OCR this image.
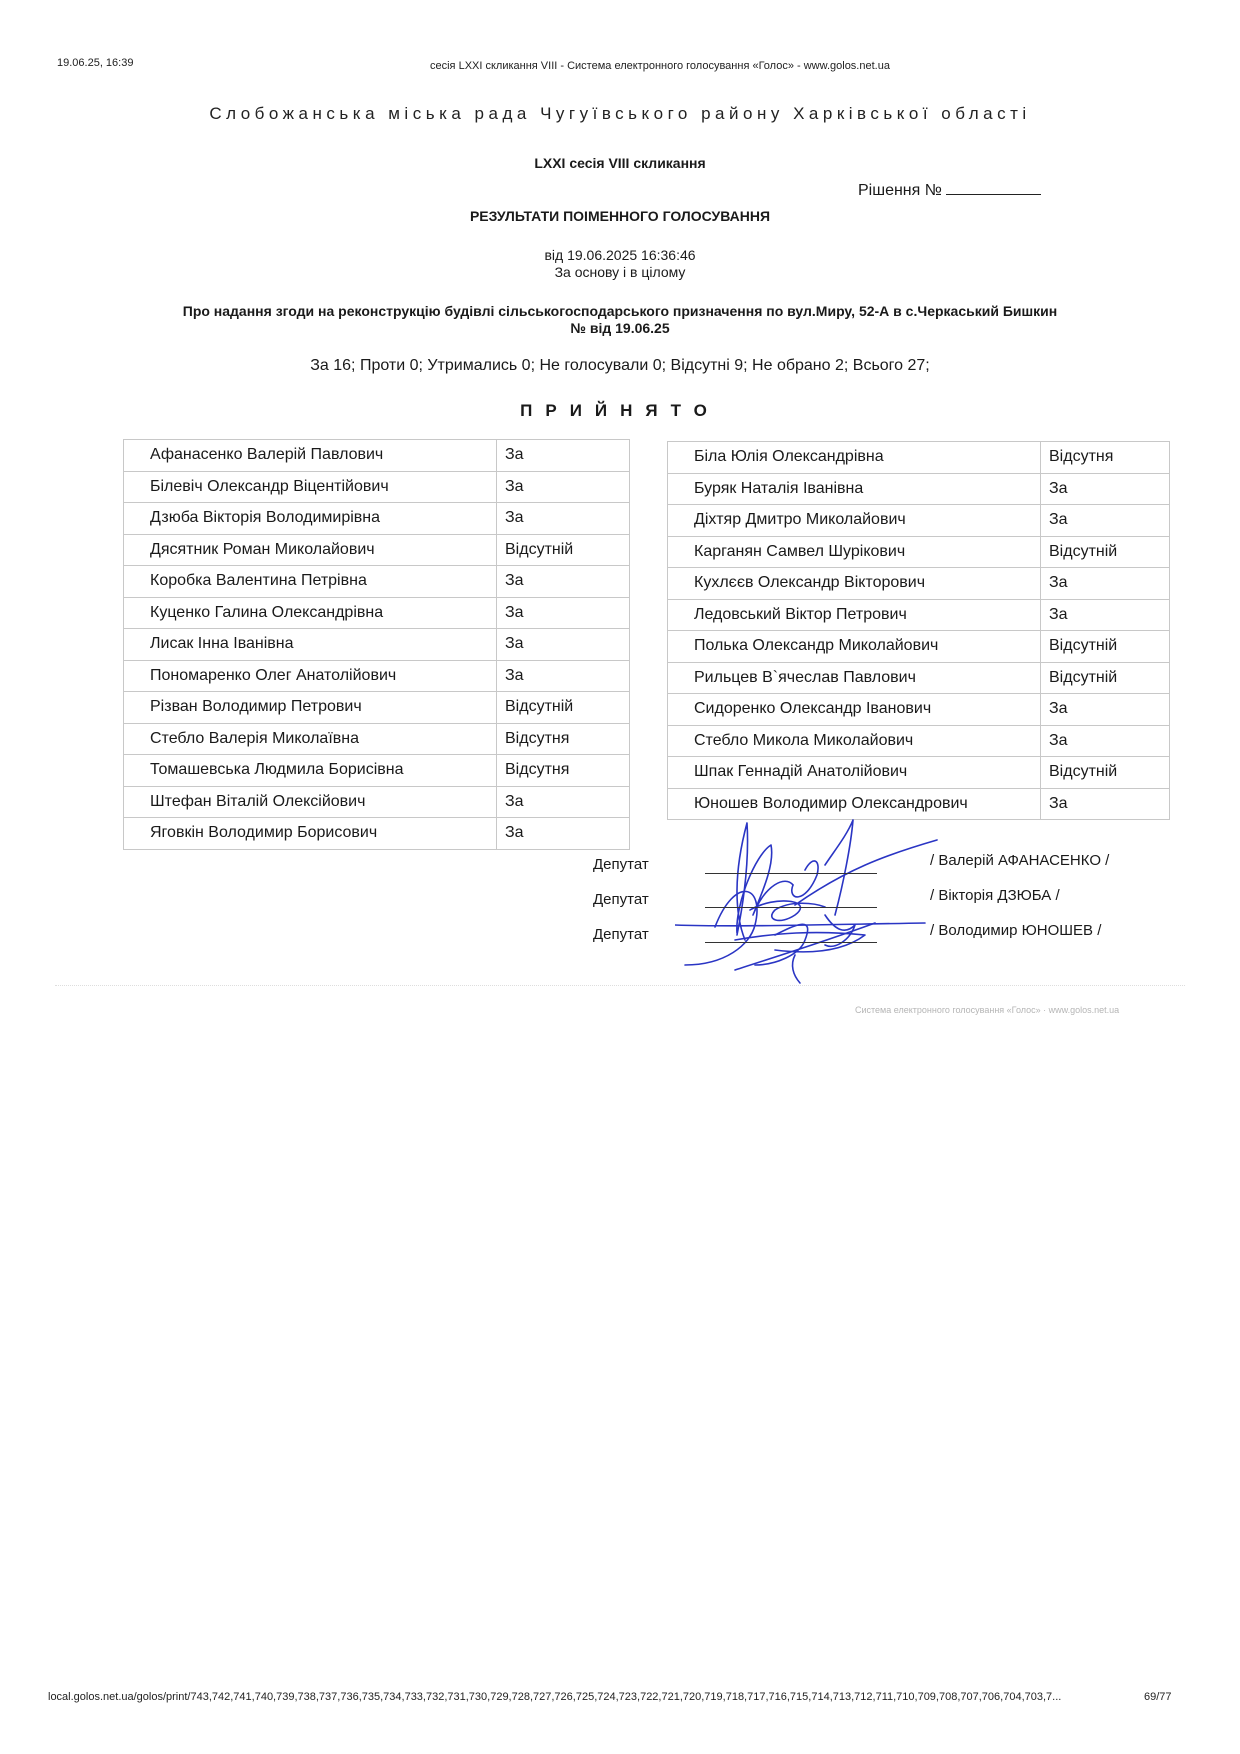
19.06.25, 16:39	сесія LXXI скликання VIII - Система електронного голосування «Голос» - www.golos.net.ua
Слобожанська міська рада Чугуївського району Харківської області
LXXI сесія VIII скликання
Рішення №
РЕЗУЛЬТАТИ ПОІМЕННОГО ГОЛОСУВАННЯ
від 19.06.2025 16:36:46
За основу і в цілому
Про надання згоди на реконструкцію будівлі сільськогосподарського призначення по вул.Миру, 52-А в с.Черкаський Бишкин
№ від 19.06.25
За 16; Проти 0; Утримались 0; Не голосували 0; Відсутні 9; Не обрано 2; Всього 27;
ПРИЙНЯТО
Афанасенко Валерій Павлович	За
Білевіч Олександр Віцентійович	За
Дзюба Вікторія Володимирівна	За
Дясятник Роман Миколайович	Відсутній
Коробка Валентина Петрівна	За
Куценко Галина Олександрівна	За
Лисак Інна Іванівна	За
Пономаренко Олег Анатолійович	За
Різван Володимир Петрович	Відсутній
Стебло Валерія Миколаївна	Відсутня
Томашевська Людмила Борисівна	Відсутня
Штефан Віталій Олексійович	За
Яговкін Володимир Борисович	За
Біла Юлія Олександрівна	Відсутня
Буряк Наталія Іванівна	За
Діхтяр Дмитро Миколайович	За
Карганян Самвел Шурікович	Відсутній
Кухлєєв Олександр Вікторович	За
Ледовський Віктор Петрович	За
Полька Олександр Миколайович	Відсутній
Рильцев В`ячеслав Павлович	Відсутній
Сидоренко Олександр Іванович	За
Стебло Микола Миколайович	За
Шпак Геннадій Анатолійович	Відсутній
Юношев Володимир Олександрович	За
Депутат	/ Валерій АФАНАСЕНКО /
Депутат	/ Вікторія ДЗЮБА /
Депутат	/ Володимир ЮНОШЕВ /
Система електронного голосування «Голос» · www.golos.net.ua
local.golos.net.ua/golos/print/743,742,741,740,739,738,737,736,735,734,733,732,731,730,729,728,727,726,725,724,723,722,721,720,719,718,717,716,715,714,713,712,711,710,709,708,707,706,704,703,7...	69/77
